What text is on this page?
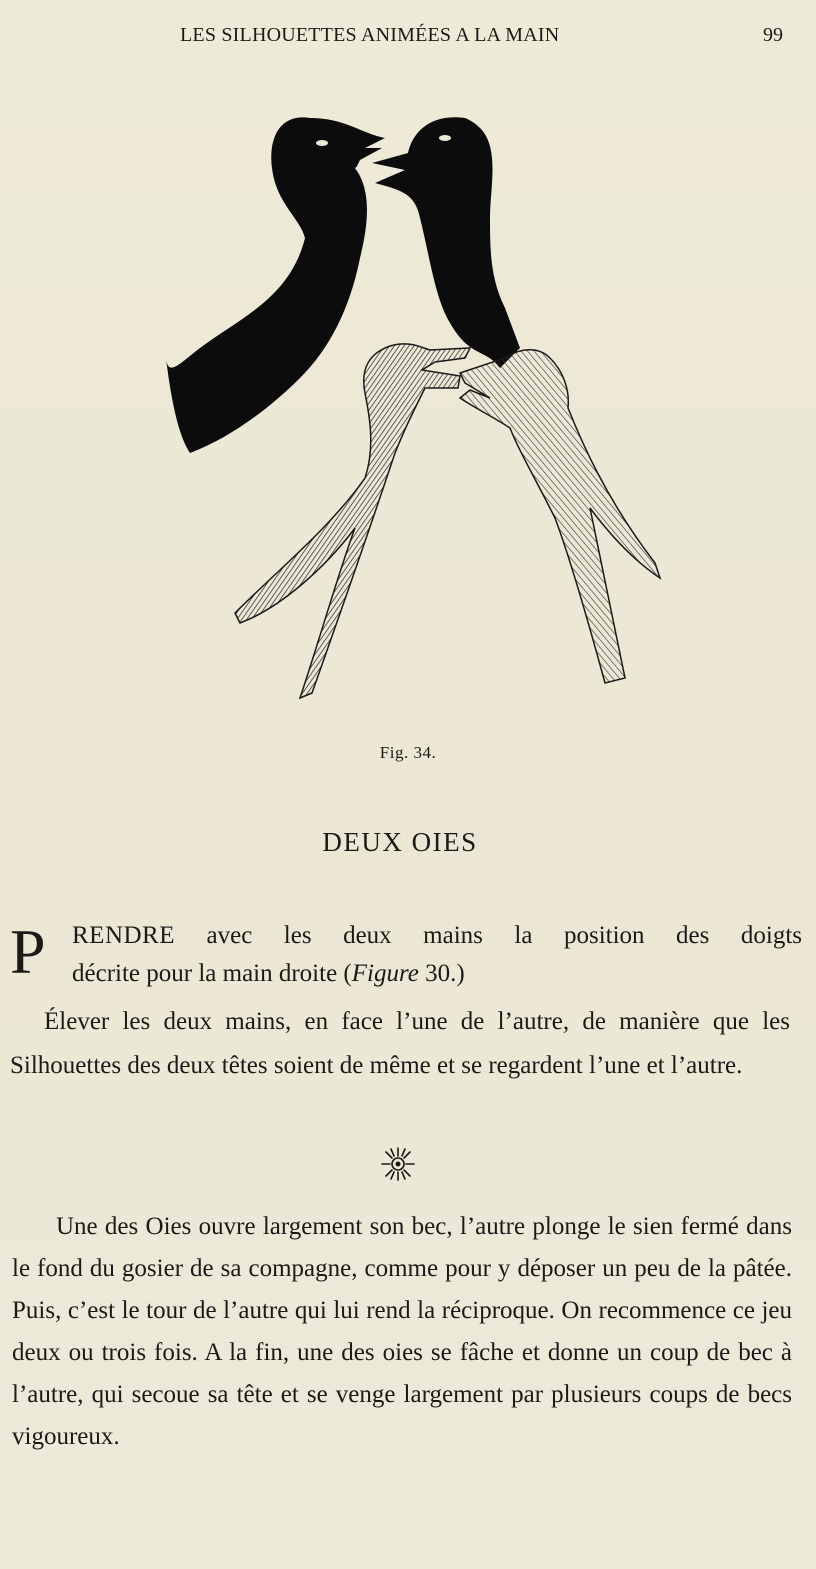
LES SILHOUETTES ANIMÉES A LA MAIN	99
Fig. 34.
DEUX OIES
P RENDRE avec les deux mains la position des doigts
décrite pour la main droite (Figure 30.)

Élever les deux mains, en face l’une de l’autre, de manière que les Silhouettes des deux têtes soient de même et se regardent l’une et l’autre.

Une des Oies ouvre largement son bec, l’autre plonge le sien fermé dans le fond du gosier de sa compagne, comme pour y déposer un peu de la pâtée. Puis, c’est le tour de l’autre qui lui rend la réciproque. On recommence ce jeu deux ou trois fois. A la fin, une des oies se fâche et donne un coup de bec à l’autre, qui secoue sa tête et se venge largement par plusieurs coups de becs vigoureux.
